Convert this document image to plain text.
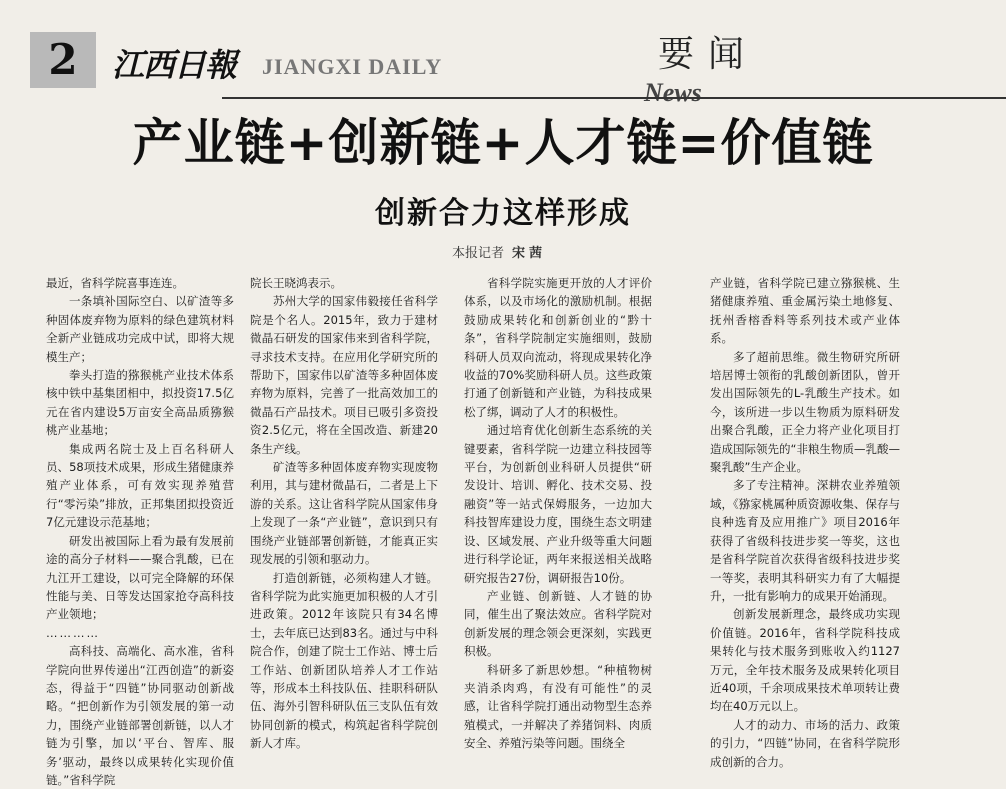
2	江西日報 JIANGXI DAILY	要闻
News
产业链+创新链+人才链=价值链
创新合力这样形成
本报记者 宋茜

最近，省科学院喜事连连。

一条填补国际空白、以矿渣等多种固体废弃物为原料的绿色建筑材料全新产业链成功完成中试，即将大规模生产；

拳头打造的猕猴桃产业技术体系核中铁中基集团相中，拟投资17.5亿元在省内建设5万亩安全高品质猕猴桃产业基地；

集成两名院士及上百名科研人员、58项技术成果，形成生猪健康养殖产业体系，可有效实现养殖营行“零污染”排放，正邦集团拟投资近7亿元建设示范基地；

研发出被国际上看为最有发展前途的高分子材料——聚合乳酸，已在九江开工建设，以可完全降解的环保性能与美、日等发达国家抢夺高科技产业领地；

…………

高科技、高端化、高水准，省科学院向世界传递出“江西创造”的新姿态，得益于“四链”协同驱动创新战略。“把创新作为引领发展的第一动力，围绕产业链部署创新链，以人才链为引擎，加以‘平台、智库、服务’驱动，最终以成果转化实现价值链。”省科学院

院长王晓鸿表示。

苏州大学的国家伟毅接任省科学院是个名人。2015年，致力于建材微晶石研发的国家伟来到省科学院，寻求技术支持。在应用化学研究所的帮助下，国家伟以矿渣等多种固体废弃物为原料，完善了一批高效加工的微晶石产品技术。项目已吸引多资投资2.5亿元，将在全国改造、新建20条生产线。

矿渣等多种固体废弃物实现废物利用，其与建材微晶石，二者是上下游的关系。这让省科学院从国家伟身上发现了一条“产业链”，意识到只有围绕产业链部署创新链，才能真正实现发展的引领和驱动力。

打造创新链，必须构建人才链。省科学院为此实施更加积极的人才引进政策。2012年该院只有34名博士，去年底已达到83名。通过与中科院合作，创建了院士工作站、博士后工作站、创新团队培养人才工作站等，形成本土科技队伍、挂职科研队伍、海外引智科研队伍三支队伍有效协同创新的模式，构筑起省科学院创新人才库。

省科学院实施更开放的人才评价体系，以及市场化的激励机制。根据鼓励成果转化和创新创业的“黔十条”，省科学院制定实施细则，鼓励科研人员双向流动，将现成果转化净收益的70%奖励科研人员。这些政策打通了创新链和产业链，为科技成果松了绑，调动了人才的积极性。

通过培育优化创新生态系统的关键要素，省科学院一边建立科技园等平台，为创新创业科研人员提供“研发设计、培训、孵化、技术交易、投融资”等一站式保姆服务，一边加大科技智库建设力度，围绕生态文明建设、区域发展、产业升级等重大问题进行科学论证，两年来报送相关战略研究报告27份，调研报告10份。

产业链、创新链、人才链的协同，催生出了聚法效应。省科学院对创新发展的理念领会更深刻，实践更积极。

科研多了新思妙想。“种植物树夹消杀肉鸡，有没有可能性”的灵感，让省科学院打通出动物型生态养殖模式，一并解决了养猪饲料、肉质安全、养殖污染等问题。围绕全

产业链，省科学院已建立猕猴桃、生猪健康养殖、重金属污染土地修复、抚州香榕香料等系列技术或产业体系。

多了超前思维。微生物研究所研培居博士领衔的乳酸创新团队，曾开发出国际领先的L-乳酸生产技术。如今，该所进一步以生物质为原料研发出聚合乳酸，正全力将产业化项目打造成国际领先的“非粮生物质—乳酸—聚乳酸”生产企业。

多了专注精神。深耕农业养殖领域，《猕家桃属种质资源收集、保存与良种选育及应用推广》项目2016年获得了省级科技进步奖一等奖，这也是省科学院首次获得省级科技进步奖一等奖，表明其科研实力有了大幅提升，一批有影响力的成果开始涌现。

创新发展新理念，最终成功实现价值链。2016年，省科学院科技成果转化与技术服务到账收入约1127万元，全年技术服务及成果转化项目近40项，千余项成果技术单项转让费均在40万元以上。

人才的动力、市场的活力、政策的引力，“四链”协同，在省科学院形成创新的合力。
